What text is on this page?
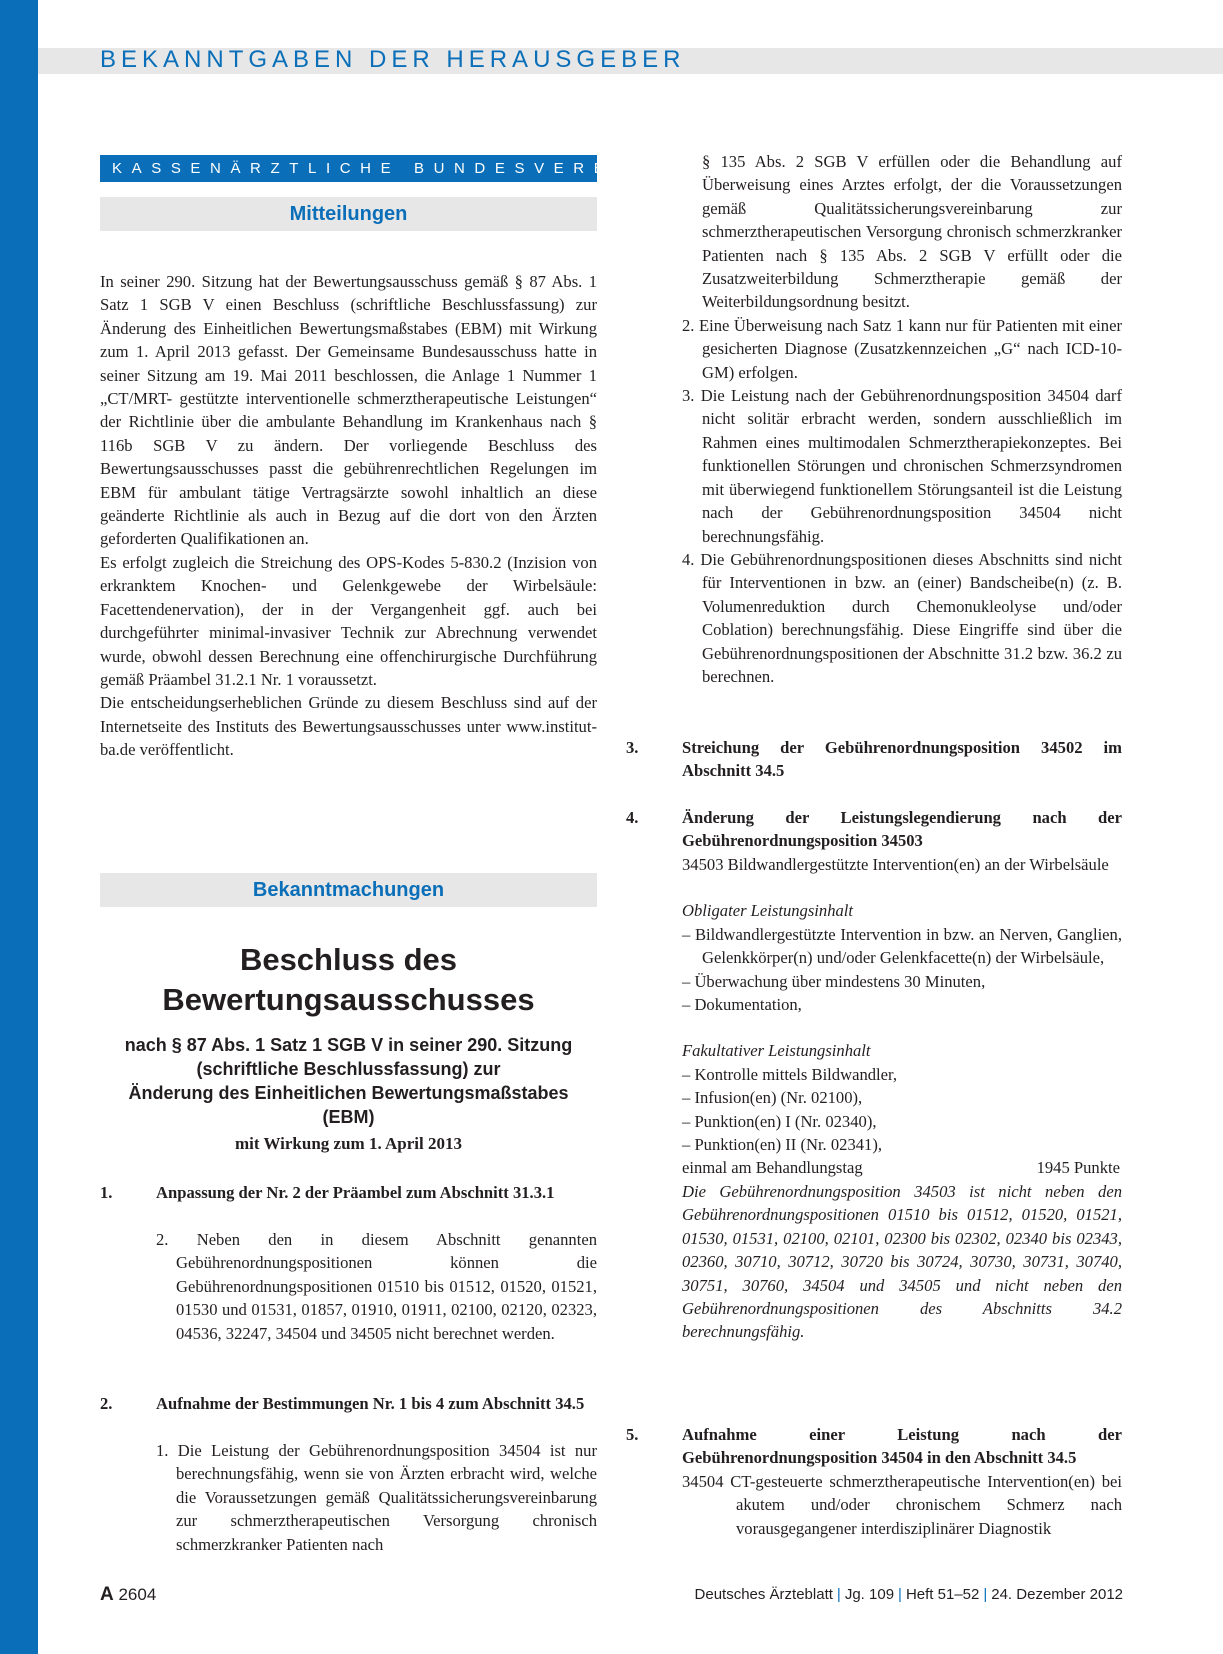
BEKANNTGABEN DER HERAUSGEBER
KASSENÄRZTLICHE BUNDESVEREINIGUNG
Mitteilungen

In seiner 290. Sitzung hat der Bewertungsausschuss gemäß § 87 Abs. 1 Satz 1 SGB V einen Beschluss (schriftliche Beschlussfassung) zur Änderung des Einheitlichen Bewertungsmaßstabes (EBM) mit Wirkung zum 1. April 2013 gefasst. Der Gemeinsame Bundesausschuss hatte in seiner Sitzung am 19. Mai 2011 beschlossen, die Anlage 1 Nummer 1 „CT/MRT- gestützte interventionelle schmerztherapeutische Leistungen“ der Richtlinie über die ambulante Behandlung im Krankenhaus nach § 116b SGB V zu ändern. Der vorliegende Beschluss des Bewertungsausschusses passt die gebührenrechtlichen Regelungen im EBM für ambulant tätige Vertragsärzte sowohl inhaltlich an diese geänderte Richtlinie als auch in Bezug auf die dort von den Ärzten geforderten Qualifikationen an.

Es erfolgt zugleich die Streichung des OPS-Kodes 5-830.2 (Inzision von erkranktem Knochen- und Gelenkgewebe der Wirbelsäule: Facettendenervation), der in der Vergangenheit ggf. auch bei durchgeführter minimal-invasiver Technik zur Abrechnung verwendet wurde, obwohl dessen Berechnung eine offenchirurgische Durchführung gemäß Präambel 31.2.1 Nr. 1 voraussetzt.

Die entscheidungserheblichen Gründe zu diesem Beschluss sind auf der Internetseite des Instituts des Bewertungsausschusses unter www.institut-ba.de veröffentlicht.

Bekanntmachungen
Beschluss des
Bewertungsausschusses
nach § 87 Abs. 1 Satz 1 SGB V in seiner 290. Sitzung
(schriftliche Beschlussfassung) zur
Änderung des Einheitlichen Bewertungsmaßstabes (EBM)
mit Wirkung zum 1. April 2013
1.	Anpassung der Nr. 2 der Präambel zum Abschnitt 31.3.1

2. Neben den in diesem Abschnitt genannten Gebührenordnungspositionen können die Gebührenordnungspositionen 01510 bis 01512, 01520, 01521, 01530 und 01531, 01857, 01910, 01911, 02100, 02120, 02323, 04536, 32247, 34504 und 34505 nicht berechnet werden.

2.	Aufnahme der Bestimmungen Nr. 1 bis 4 zum Abschnitt 34.5

1. Die Leistung der Gebührenordnungsposition 34504 ist nur berechnungsfähig, wenn sie von Ärzten erbracht wird, welche die Voraussetzungen gemäß Qualitätssicherungsvereinbarung zur schmerztherapeutischen Versorgung chronisch schmerzkranker Patienten nach

§ 135 Abs. 2 SGB V erfüllen oder die Behandlung auf Überweisung eines Arztes erfolgt, der die Voraussetzungen gemäß Qualitätssicherungsvereinbarung zur schmerztherapeutischen Versorgung chronisch schmerzkranker Patienten nach § 135 Abs. 2 SGB V erfüllt oder die Zusatzweiterbildung Schmerztherapie gemäß der Weiterbildungsordnung besitzt.

2. Eine Überweisung nach Satz 1 kann nur für Patienten mit einer gesicherten Diagnose (Zusatzkennzeichen „G“ nach ICD-10-GM) erfolgen.

3. Die Leistung nach der Gebührenordnungsposition 34504 darf nicht solitär erbracht werden, sondern ausschließlich im Rahmen eines multimodalen Schmerztherapiekonzeptes. Bei funktionellen Störungen und chronischen Schmerzsyndromen mit überwiegend funktionellem Störungsanteil ist die Leistung nach der Gebührenordnungsposition 34504 nicht berechnungsfähig.

4. Die Gebührenordnungspositionen dieses Abschnitts sind nicht für Interventionen in bzw. an (einer) Bandscheibe(n) (z. B. Volumenreduktion durch Chemonukleolyse und/oder Coblation) berechnungsfähig. Diese Eingriffe sind über die Gebührenordnungspositionen der Abschnitte 31.2 bzw. 36.2 zu berechnen.

3.	Streichung der Gebührenordnungsposition 34502 im Abschnitt 34.5
4.	Änderung der Leistungslegendierung nach der Gebührenordnungsposition 34503

34503 Bildwandlergestützte Intervention(en) an der Wirbelsäule

Obligater Leistungsinhalt

– Bildwandlergestützte Intervention in bzw. an Nerven, Ganglien, Gelenkkörper(n) und/oder Gelenkfacette(n) der Wirbelsäule,

– Überwachung über mindestens 30 Minuten,

– Dokumentation,

Fakultativer Leistungsinhalt

– Kontrolle mittels Bildwandler,

– Infusion(en) (Nr. 02100),

– Punktion(en) I (Nr. 02340),

– Punktion(en) II (Nr. 02341),

einmal am Behandlungstag	1945 Punkte

Die Gebührenordnungsposition 34503 ist nicht neben den Gebührenordnungspositionen 01510 bis 01512, 01520, 01521, 01530, 01531, 02100, 02101, 02300 bis 02302, 02340 bis 02343, 02360, 30710, 30712, 30720 bis 30724, 30730, 30731, 30740, 30751, 30760, 34504 und 34505 und nicht neben den Gebührenordnungspositionen des Abschnitts 34.2 berechnungsfähig.

5.	Aufnahme einer Leistung nach der Gebührenordnungsposition 34504 in den Abschnitt 34.5

34504 CT-gesteuerte schmerztherapeutische Intervention(en) bei akutem und/oder chronischem Schmerz nach vorausgegangener interdisziplinärer Diagnostik

A 2604	Deutsches Ärzteblatt | Jg. 109 | Heft 51–52 | 24. Dezember 2012
